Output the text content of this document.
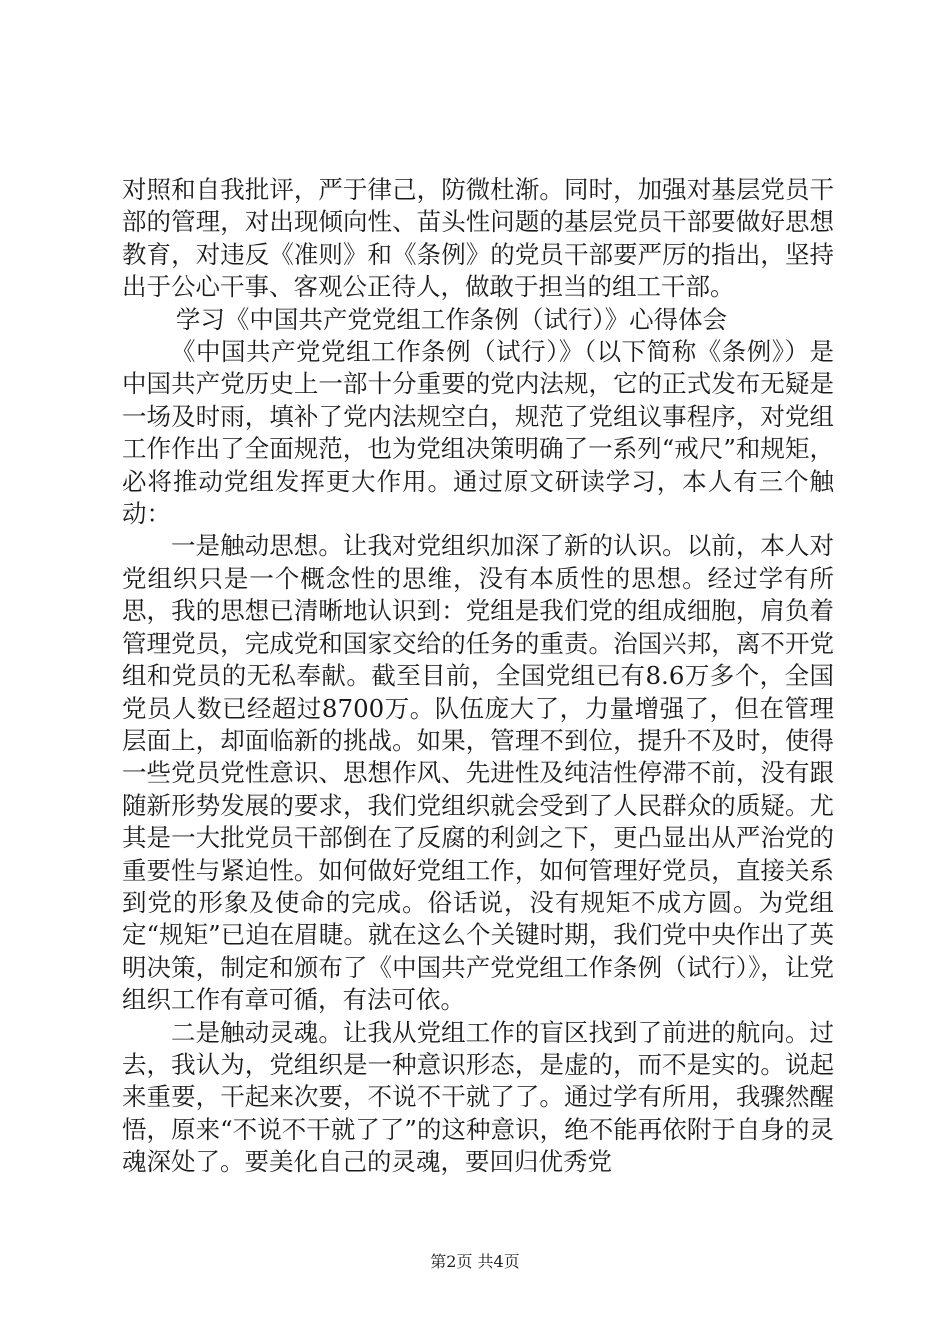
对照和自我批评，严于律己，防微杜渐。同时，加强对基层党员干部的管理，对出现倾向性、苗头性问题的基层党员干部要做好思想教育，对违反《准则》和《条例》的党员干部要严厉的指出，坚持出于公心干事、客观公正待人，做敢于担当的组工干部。

学习《中国共产党党组工作条例（试行）》心得体会

《中国共产党党组工作条例（试行）》（以下简称《条例》）是中国共产党历史上一部十分重要的党内法规，它的正式发布无疑是一场及时雨，填补了党内法规空白，规范了党组议事程序，对党组工作作出了全面规范，也为党组决策明确了一系列“戒尺”和规矩，必将推动党组发挥更大作用。通过原文研读学习，本人有三个触动：

一是触动思想。让我对党组织加深了新的认识。以前，本人对党组织只是一个概念性的思维，没有本质性的思想。经过学有所思，我的思想已清晰地认识到：党组是我们党的组成细胞，肩负着管理党员，完成党和国家交给的任务的重责。治国兴邦，离不开党组和党员的无私奉献。截至目前，全国党组已有8.6万多个，全国党员人数已经超过8700万。队伍庞大了，力量增强了，但在管理层面上，却面临新的挑战。如果，管理不到位，提升不及时，使得一些党员党性意识、思想作风、先进性及纯洁性停滞不前，没有跟随新形势发展的要求，我们党组织就会受到了人民群众的质疑。尤其是一大批党员干部倒在了反腐的利剑之下，更凸显出从严治党的重要性与紧迫性。如何做好党组工作，如何管理好党员，直接关系到党的形象及使命的完成。俗话说，没有规矩不成方圆。为党组定“规矩”已迫在眉睫。就在这么个关键时期，我们党中央作出了英明决策，制定和颁布了《中国共产党党组工作条例（试行）》，让党组织工作有章可循，有法可依。

二是触动灵魂。让我从党组工作的盲区找到了前进的航向。过去，我认为，党组织是一种意识形态，是虚的，而不是实的。说起来重要，干起来次要，不说不干就了了。通过学有所用，我骤然醒悟，原来“不说不干就了了”的这种意识，绝不能再依附于自身的灵魂深处了。要美化自己的灵魂，要回归优秀党

第2页 共4页
